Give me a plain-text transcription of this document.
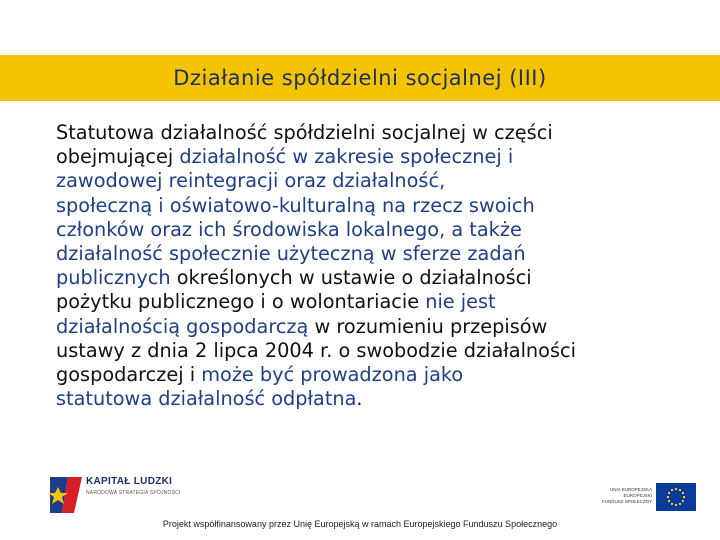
Działanie spółdzielni socjalnej (III)
Statutowa działalność spółdzielni socjalnej w części
obejmującej działalność w zakresie społecznej i
zawodowej reintegracji oraz działalność,
społeczną i oświatowo-kulturalną na rzecz swoich
członków oraz ich środowiska lokalnego, a także
działalność społecznie użyteczną w sferze zadań
publicznych określonych w ustawie o działalności
pożytku publicznego i o wolontariacie nie jest
działalnością gospodarczą w rozumieniu przepisów
ustawy z dnia 2 lipca 2004 r. o swobodzie działalności
gospodarczej i może być prowadzona jako
statutowa działalność odpłatna.
KAPITAŁ LUDZKI
NARODOWA STRATEGIA SPÓJNOŚCI
UNIA EUROPEJSKA
EUROPEJSKI
FUNDUSZ SPOŁECZNY
Projekt współfinansowany przez Unię Europejską w ramach Europejskiego Funduszu Społecznego
